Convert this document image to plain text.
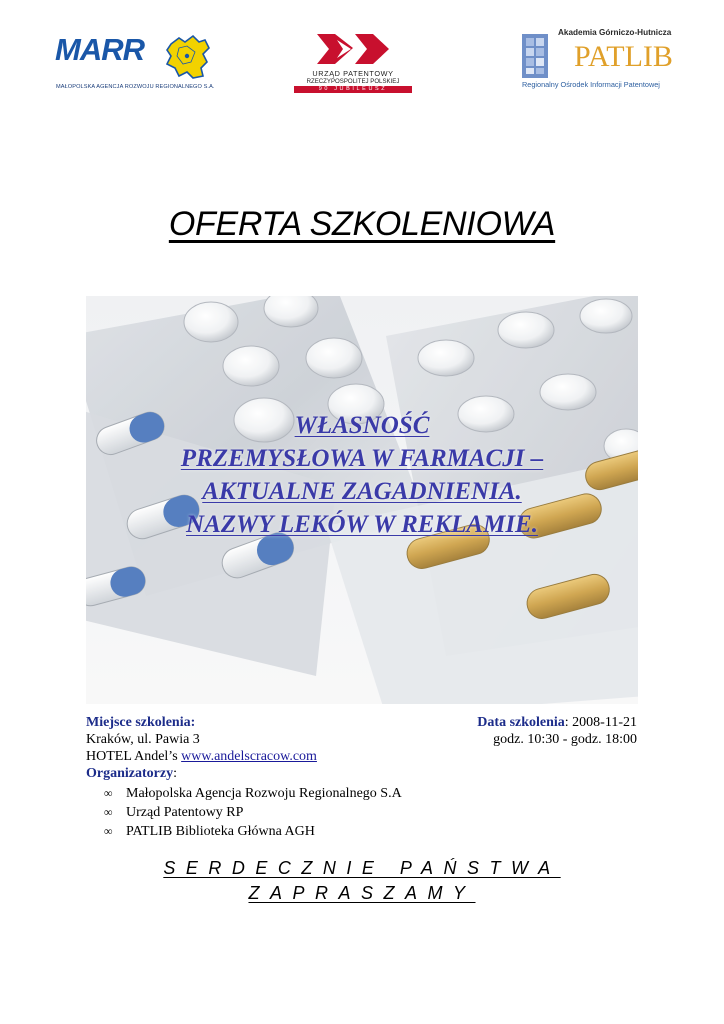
MARR
MAŁOPOLSKA AGENCJA ROZWOJU REGIONALNEGO S.A.
URZĄD PATENTOWY
RZECZYPOSPOLITEJ POLSKIEJ
90 JUBILEUSZ
Akademia Górniczo-Hutnicza
PATLIB
Regionalny Ośrodek Informacji Patentowej
OFERTA SZKOLENIOWA
WŁASNOŚĆ
PRZEMYSŁOWA W FARMACJI –
AKTUALNE ZAGADNIENIA.
NAZWY LEKÓW W REKLAMIE.
Miejsce szkolenia:
Kraków, ul. Pawia 3
HOTEL Andel’s www.andelscracow.com
Data szkolenia: 2008-11-21
godz. 10:30 - godz. 18:00
Organizatorzy:
∞ Małopolska Agencja Rozwoju Regionalnego S.A
∞ Urząd Patentowy RP
∞ PATLIB Biblioteka Główna AGH
SERDECZNIE PAŃSTWA
ZAPRASZAMY
